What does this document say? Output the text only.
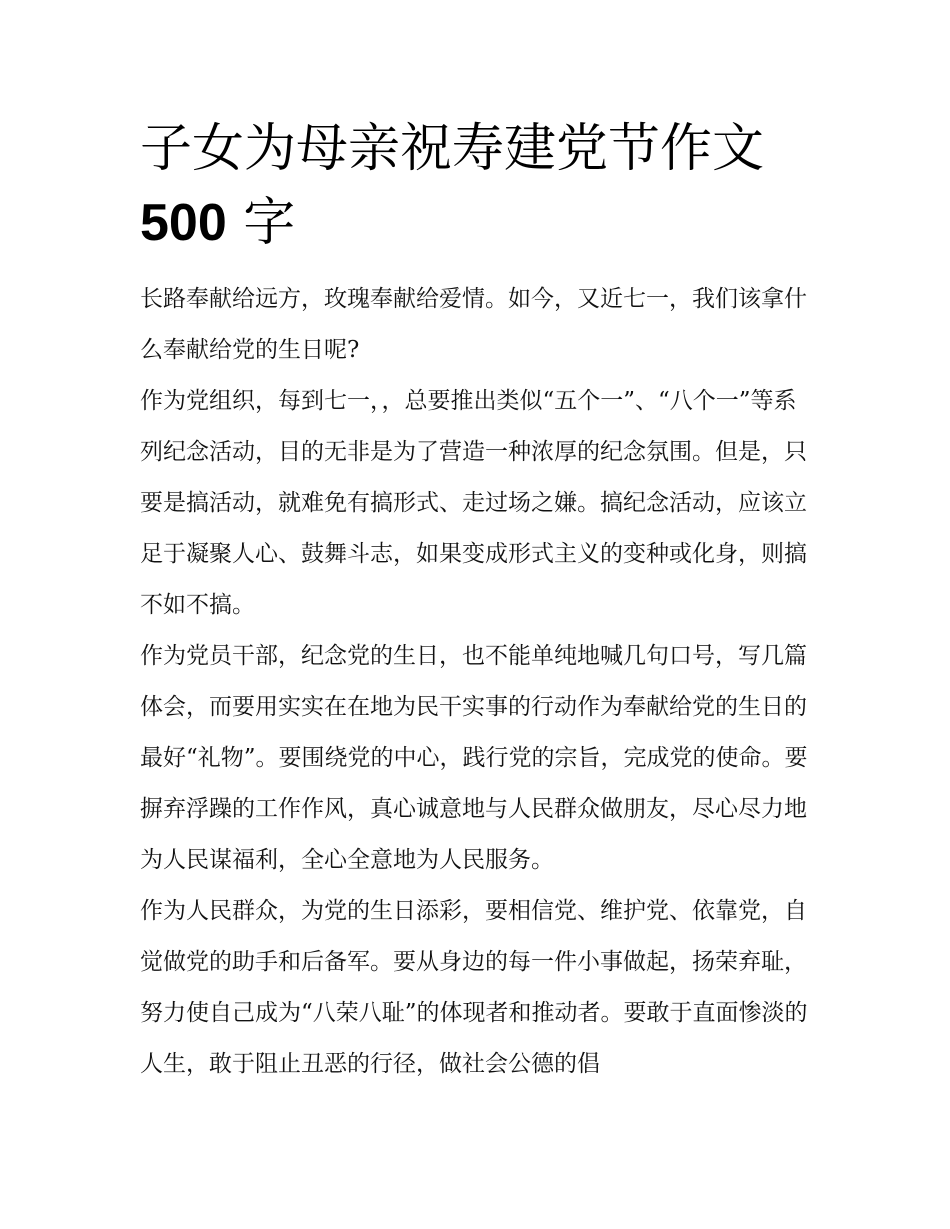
子女为母亲祝寿建党节作文
500 字

长路奉献给远方，玫瑰奉献给爱情。如今，又近七一，我们该拿什么奉献给党的生日呢?

作为党组织，每到七一，，总要推出类似“五个一”、“八个一”等系列纪念活动，目的无非是为了营造一种浓厚的纪念氛围。但是，只要是搞活动，就难免有搞形式、走过场之嫌。搞纪念活动，应该立足于凝聚人心、鼓舞斗志，如果变成形式主义的变种或化身，则搞不如不搞。

作为党员干部，纪念党的生日，也不能单纯地喊几句口号，写几篇体会，而要用实实在在地为民干实事的行动作为奉献给党的生日的最好“礼物”。要围绕党的中心，践行党的宗旨，完成党的使命。要摒弃浮躁的工作作风，真心诚意地与人民群众做朋友，尽心尽力地为人民谋福利，全心全意地为人民服务。

作为人民群众，为党的生日添彩，要相信党、维护党、依靠党，自觉做党的助手和后备军。要从身边的每一件小事做起，扬荣弃耻，努力使自己成为“八荣八耻”的体现者和推动者。要敢于直面惨淡的人生，敢于阻止丑恶的行径，做社会公德的倡
